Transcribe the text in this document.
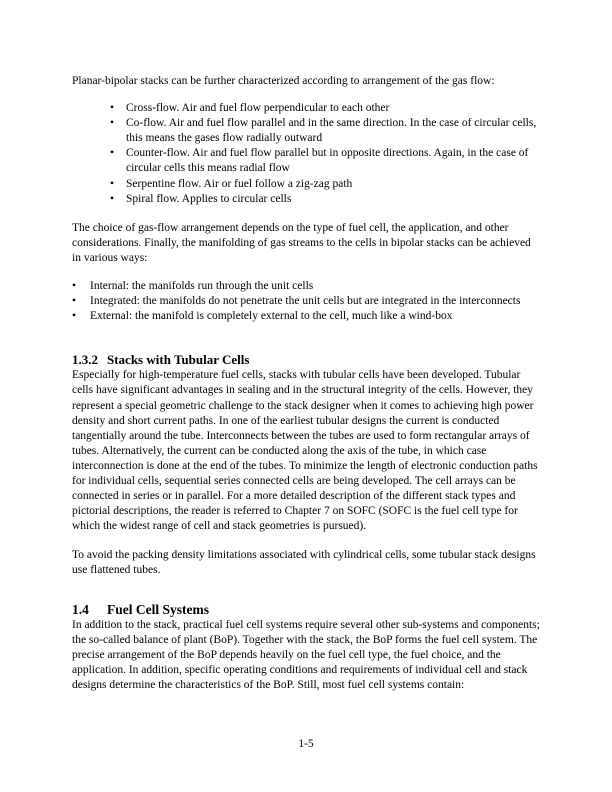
Planar-bipolar stacks can be further characterized according to arrangement of the gas flow:

• Cross-flow. Air and fuel flow perpendicular to each other
• Co-flow. Air and fuel flow parallel and in the same direction. In the case of circular cells, this means the gases flow radially outward
• Counter-flow. Air and fuel flow parallel but in opposite directions. Again, in the case of circular cells this means radial flow
• Serpentine flow. Air or fuel follow a zig-zag path
• Spiral flow. Applies to circular cells

The choice of gas-flow arrangement depends on the type of fuel cell, the application, and other considerations. Finally, the manifolding of gas streams to the cells in bipolar stacks can be achieved in various ways:

• Internal: the manifolds run through the unit cells
• Integrated: the manifolds do not penetrate the unit cells but are integrated in the interconnects
• External: the manifold is completely external to the cell, much like a wind-box
1.3.2 Stacks with Tubular Cells

Especially for high-temperature fuel cells, stacks with tubular cells have been developed. Tubular cells have significant advantages in sealing and in the structural integrity of the cells. However, they represent a special geometric challenge to the stack designer when it comes to achieving high power density and short current paths. In one of the earliest tubular designs the current is conducted tangentially around the tube. Interconnects between the tubes are used to form rectangular arrays of tubes. Alternatively, the current can be conducted along the axis of the tube, in which case interconnection is done at the end of the tubes. To minimize the length of electronic conduction paths for individual cells, sequential series connected cells are being developed. The cell arrays can be connected in series or in parallel. For a more detailed description of the different stack types and pictorial descriptions, the reader is referred to Chapter 7 on SOFC (SOFC is the fuel cell type for which the widest range of cell and stack geometries is pursued).

To avoid the packing density limitations associated with cylindrical cells, some tubular stack designs use flattened tubes.

1.4 Fuel Cell Systems

In addition to the stack, practical fuel cell systems require several other sub-systems and components; the so-called balance of plant (BoP). Together with the stack, the BoP forms the fuel cell system. The precise arrangement of the BoP depends heavily on the fuel cell type, the fuel choice, and the application. In addition, specific operating conditions and requirements of individual cell and stack designs determine the characteristics of the BoP. Still, most fuel cell systems contain:

1-5
